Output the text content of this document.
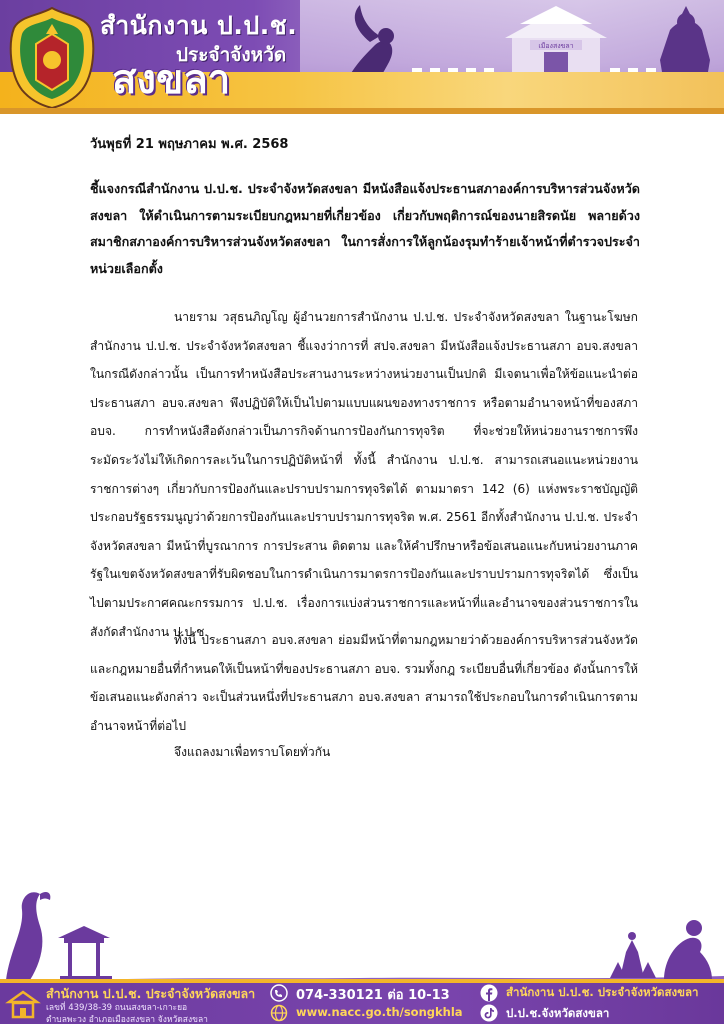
เมืองสงขลา
สำนักงาน ป.ป.ช.
ประจำจังหวัด
สงขลา
วันพุธที่ 21 พฤษภาคม พ.ศ. 2568
ชี้แจงกรณีสำนักงาน ป.ป.ช. ประจำจังหวัดสงขลา มีหนังสือแจ้งประธานสภาองค์การบริหารส่วนจังหวัดสงขลา ให้ดำเนินการตามระเบียบกฎหมายที่เกี่ยวข้อง เกี่ยวกับพฤติการณ์ของนายสิรดนัย พลายด้วง สมาชิกสภาองค์การบริหารส่วนจังหวัดสงขลา ในการสั่งการให้ลูกน้องรุมทำร้ายเจ้าหน้าที่ตำรวจประจำหน่วยเลือกตั้ง
นายราม วสุธนภิญโญ ผู้อำนวยการสำนักงาน ป.ป.ช. ประจำจังหวัดสงขลา ในฐานะโฆษกสำนักงาน ป.ป.ช. ประจำจังหวัดสงขลา ชี้แจงว่าการที่ สปจ.สงขลา มีหนังสือแจ้งประธานสภา อบจ.สงขลา ในกรณีดังกล่าวนั้น เป็นการทำหนังสือประสานงานระหว่างหน่วยงานเป็นปกติ มีเจตนาเพื่อให้ข้อแนะนำต่อประธานสภา อบจ.สงขลา พึงปฏิบัติให้เป็นไปตามแบบแผนของทางราชการ หรือตามอำนาจหน้าที่ของสภา อบจ. การทำหนังสือดังกล่าวเป็นภารกิจด้านการป้องกันการทุจริต ที่จะช่วยให้หน่วยงานราชการพึงระมัดระวังไม่ให้เกิดการละเว้นในการปฏิบัติหน้าที่ ทั้งนี้ สำนักงาน ป.ป.ช. สามารถเสนอแนะหน่วยงานราชการต่างๆ เกี่ยวกับการป้องกันและปราบปรามการทุจริตได้ ตามมาตรา 142 (6) แห่งพระราชบัญญัติประกอบรัฐธรรมนูญว่าด้วยการป้องกันและปราบปรามการทุจริต พ.ศ. 2561 อีกทั้งสำนักงาน ป.ป.ช. ประจำจังหวัดสงขลา มีหน้าที่บูรณาการ การประสาน ติดตาม และให้คำปรึกษาหรือข้อเสนอแนะกับหน่วยงานภาครัฐในเขตจังหวัดสงขลาที่รับผิดชอบในการดำเนินการมาตรการป้องกันและปราบปรามการทุจริตได้ ซึ่งเป็นไปตามประกาศคณะกรรมการ ป.ป.ช. เรื่องการแบ่งส่วนราชการและหน้าที่และอำนาจของส่วนราชการในสังกัดสำนักงาน ป.ป.ช.
ทั้งนี้ ประธานสภา อบจ.สงขลา ย่อมมีหน้าที่ตามกฎหมายว่าด้วยองค์การบริหารส่วนจังหวัดและกฎหมายอื่นที่กำหนดให้เป็นหน้าที่ของประธานสภา อบจ. รวมทั้งกฎ ระเบียบอื่นที่เกี่ยวข้อง ดังนั้นการให้ข้อเสนอแนะดังกล่าว จะเป็นส่วนหนึ่งที่ประธานสภา อบจ.สงขลา สามารถใช้ประกอบในการดำเนินการตามอำนาจหน้าที่ต่อไป
จึงแถลงมาเพื่อทราบโดยทั่วกัน
สำนักงาน ป.ป.ช. ประจำจังหวัดสงขลา
เลขที่ 439/38-39 ถนนสงขลา-เกาะยอ
ตำบลพะวง อำเภอเมืองสงขลา จังหวัดสงขลา
074-330121 ต่อ 10-13
www.nacc.go.th/songkhla
สำนักงาน ป.ป.ช. ประจำจังหวัดสงขลา
ป.ป.ช.จังหวัดสงขลา
